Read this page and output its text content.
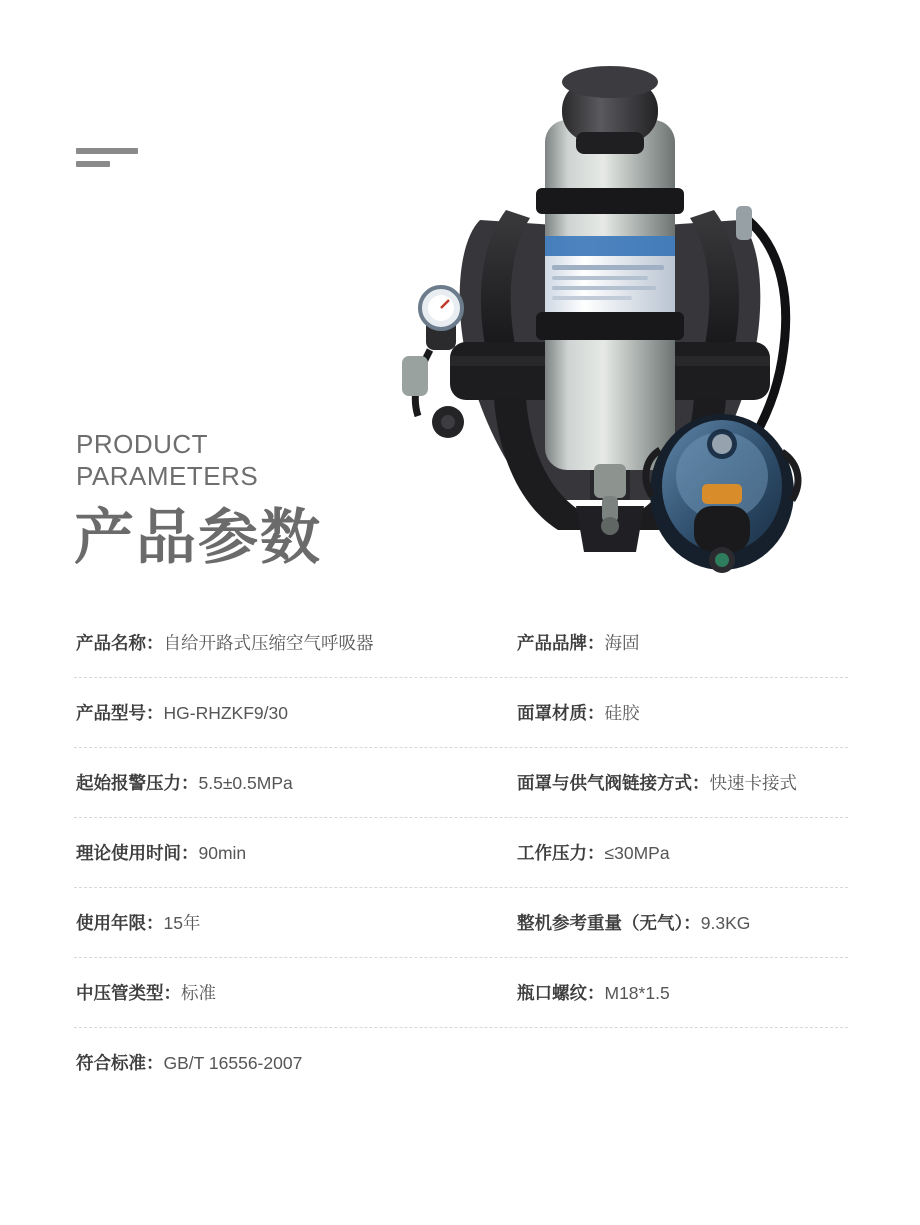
PRODUCT
PARAMETERS
产品参数
产品名称：自给开路式压缩空气呼吸器	产品品牌：海固
产品型号：HG-RHZKF9/30	面罩材质：硅胶
起始报警压力：5.5±0.5MPa	面罩与供气阀链接方式：快速卡接式
理论使用时间：90min	工作压力：≤30MPa
使用年限：15年	整机参考重量（无气）：9.3KG
中压管类型：标准	瓶口螺纹：M18*1.5
符合标准：GB/T 16556-2007
